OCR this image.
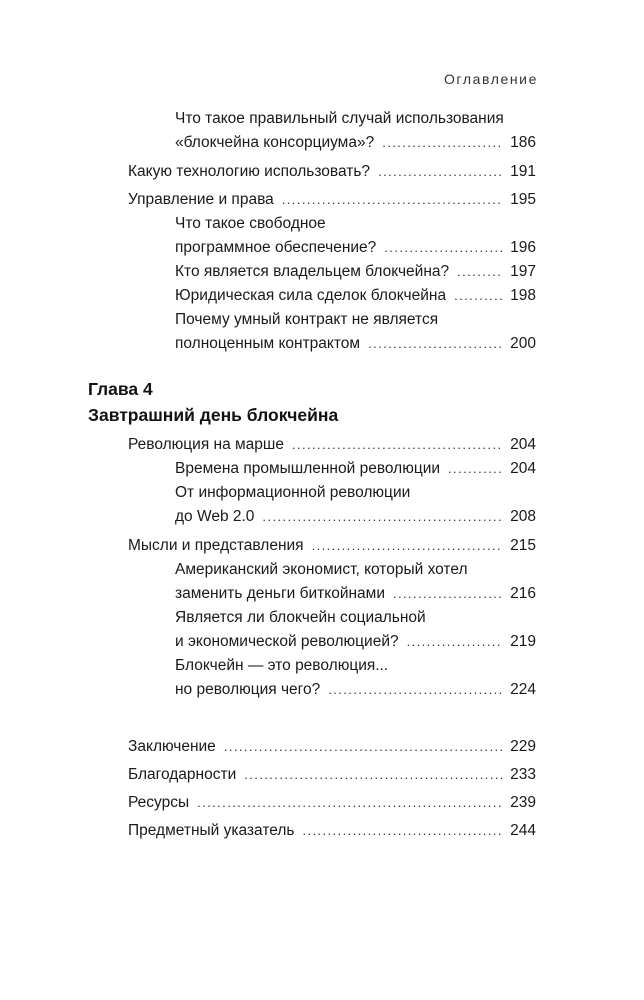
Оглавление
Что такое правильный случай использования
«блокчейна консорциума»? .....	186
Какую технологию использовать? .....	191
Управление и права .....	195
Что такое свободное
программное обеспечение? .....	196
Кто является владельцем блокчейна? .....	197
Юридическая сила сделок блокчейна .....	198
Почему умный контракт не является
полноценным контрактом .....	200
Глава 4
Завтрашний день блокчейна
Революция на марше .....	204
Времена промышленной революции .....	204
От информационной революции
до Web 2.0 .....	208
Мысли и представления .....	215
Американский экономист, который хотел
заменить деньги биткойнами .....	216
Является ли блокчейн социальной
и экономической революцией? .....	219
Блокчейн — это революция...
но революция чего? .....	224
Заключение .....	229
Благодарности .....	233
Ресурсы .....	239
Предметный указатель .....	244
